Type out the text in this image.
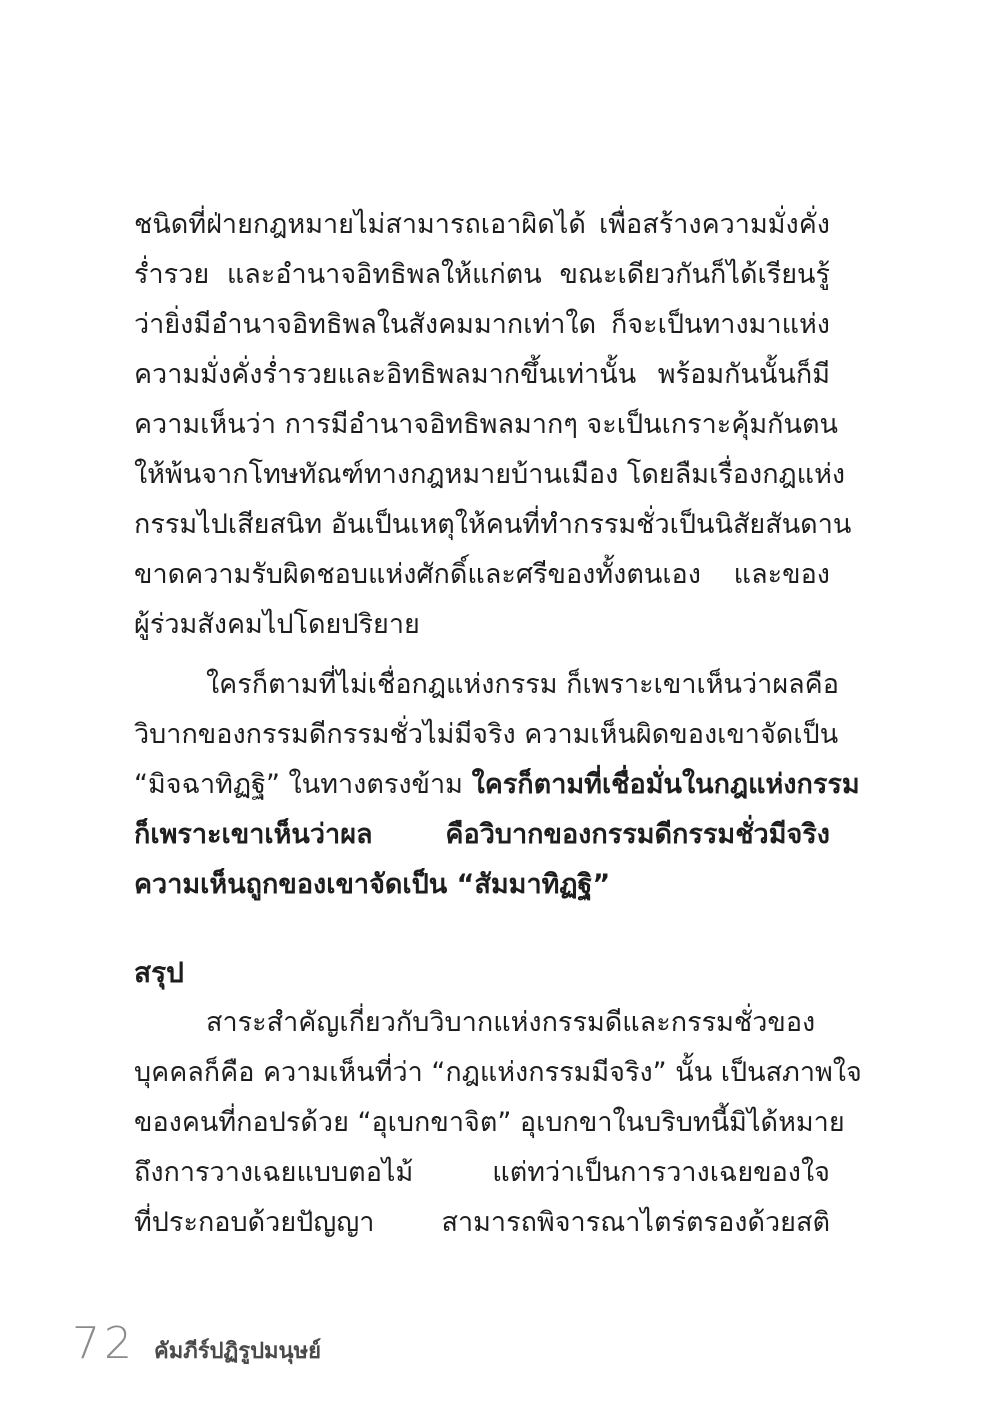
ชนิดที่ฝ่ายกฎหมายไม่สามารถเอาผิดได้ เพื่อสร้างความมั่งคั่ง
ร่ำรวย และอำนาจอิทธิพลให้แก่ตน ขณะเดียวกันก็ได้เรียนรู้
ว่ายิ่งมีอำนาจอิทธิพลในสังคมมากเท่าใด ก็จะเป็นทางมาแห่ง
ความมั่งคั่งร่ำรวยและอิทธิพลมากขึ้นเท่านั้น พร้อมกันนั้นก็มี
ความเห็นว่า การมีอำนาจอิทธิพลมากๆ จะเป็นเกราะคุ้มกันตน
ให้พ้นจากโทษทัณฑ์ทางกฎหมายบ้านเมือง โดยลืมเรื่องกฎแห่ง
กรรมไปเสียสนิท อันเป็นเหตุให้คนที่ทำกรรมชั่วเป็นนิสัยสันดาน
ขาดความรับผิดชอบแห่งศักดิ์และศรีของทั้งตนเอง และของ
ผู้ร่วมสังคมไปโดยปริยาย
ใครก็ตามที่ไม่เชื่อกฎแห่งกรรม ก็เพราะเขาเห็นว่าผลคือ
วิบากของกรรมดีกรรมชั่วไม่มีจริง ความเห็นผิดของเขาจัดเป็น
“มิจฉาทิฏฐิ” ในทางตรงข้าม ใครก็ตามที่เชื่อมั่นในกฎแห่งกรรม
ก็เพราะเขาเห็นว่าผล คือวิบากของกรรมดีกรรมชั่วมีจริง
ความเห็นถูกของเขาจัดเป็น “สัมมาทิฏฐิ”
สรุป
สาระสำคัญเกี่ยวกับวิบากแห่งกรรมดีและกรรมชั่วของ
บุคคลก็คือ ความเห็นที่ว่า “กฎแห่งกรรมมีจริง” นั้น เป็นสภาพใจ
ของคนที่กอปรด้วย “อุเบกขาจิต” อุเบกขาในบริบทนี้มิได้หมาย
ถึงการวางเฉยแบบตอไม้ แต่ทว่าเป็นการวางเฉยของใจ
ที่ประกอบด้วยปัญญา สามารถพิจารณาไตร่ตรองด้วยสติ
72 คัมภีร์ปฏิรูปมนุษย์
